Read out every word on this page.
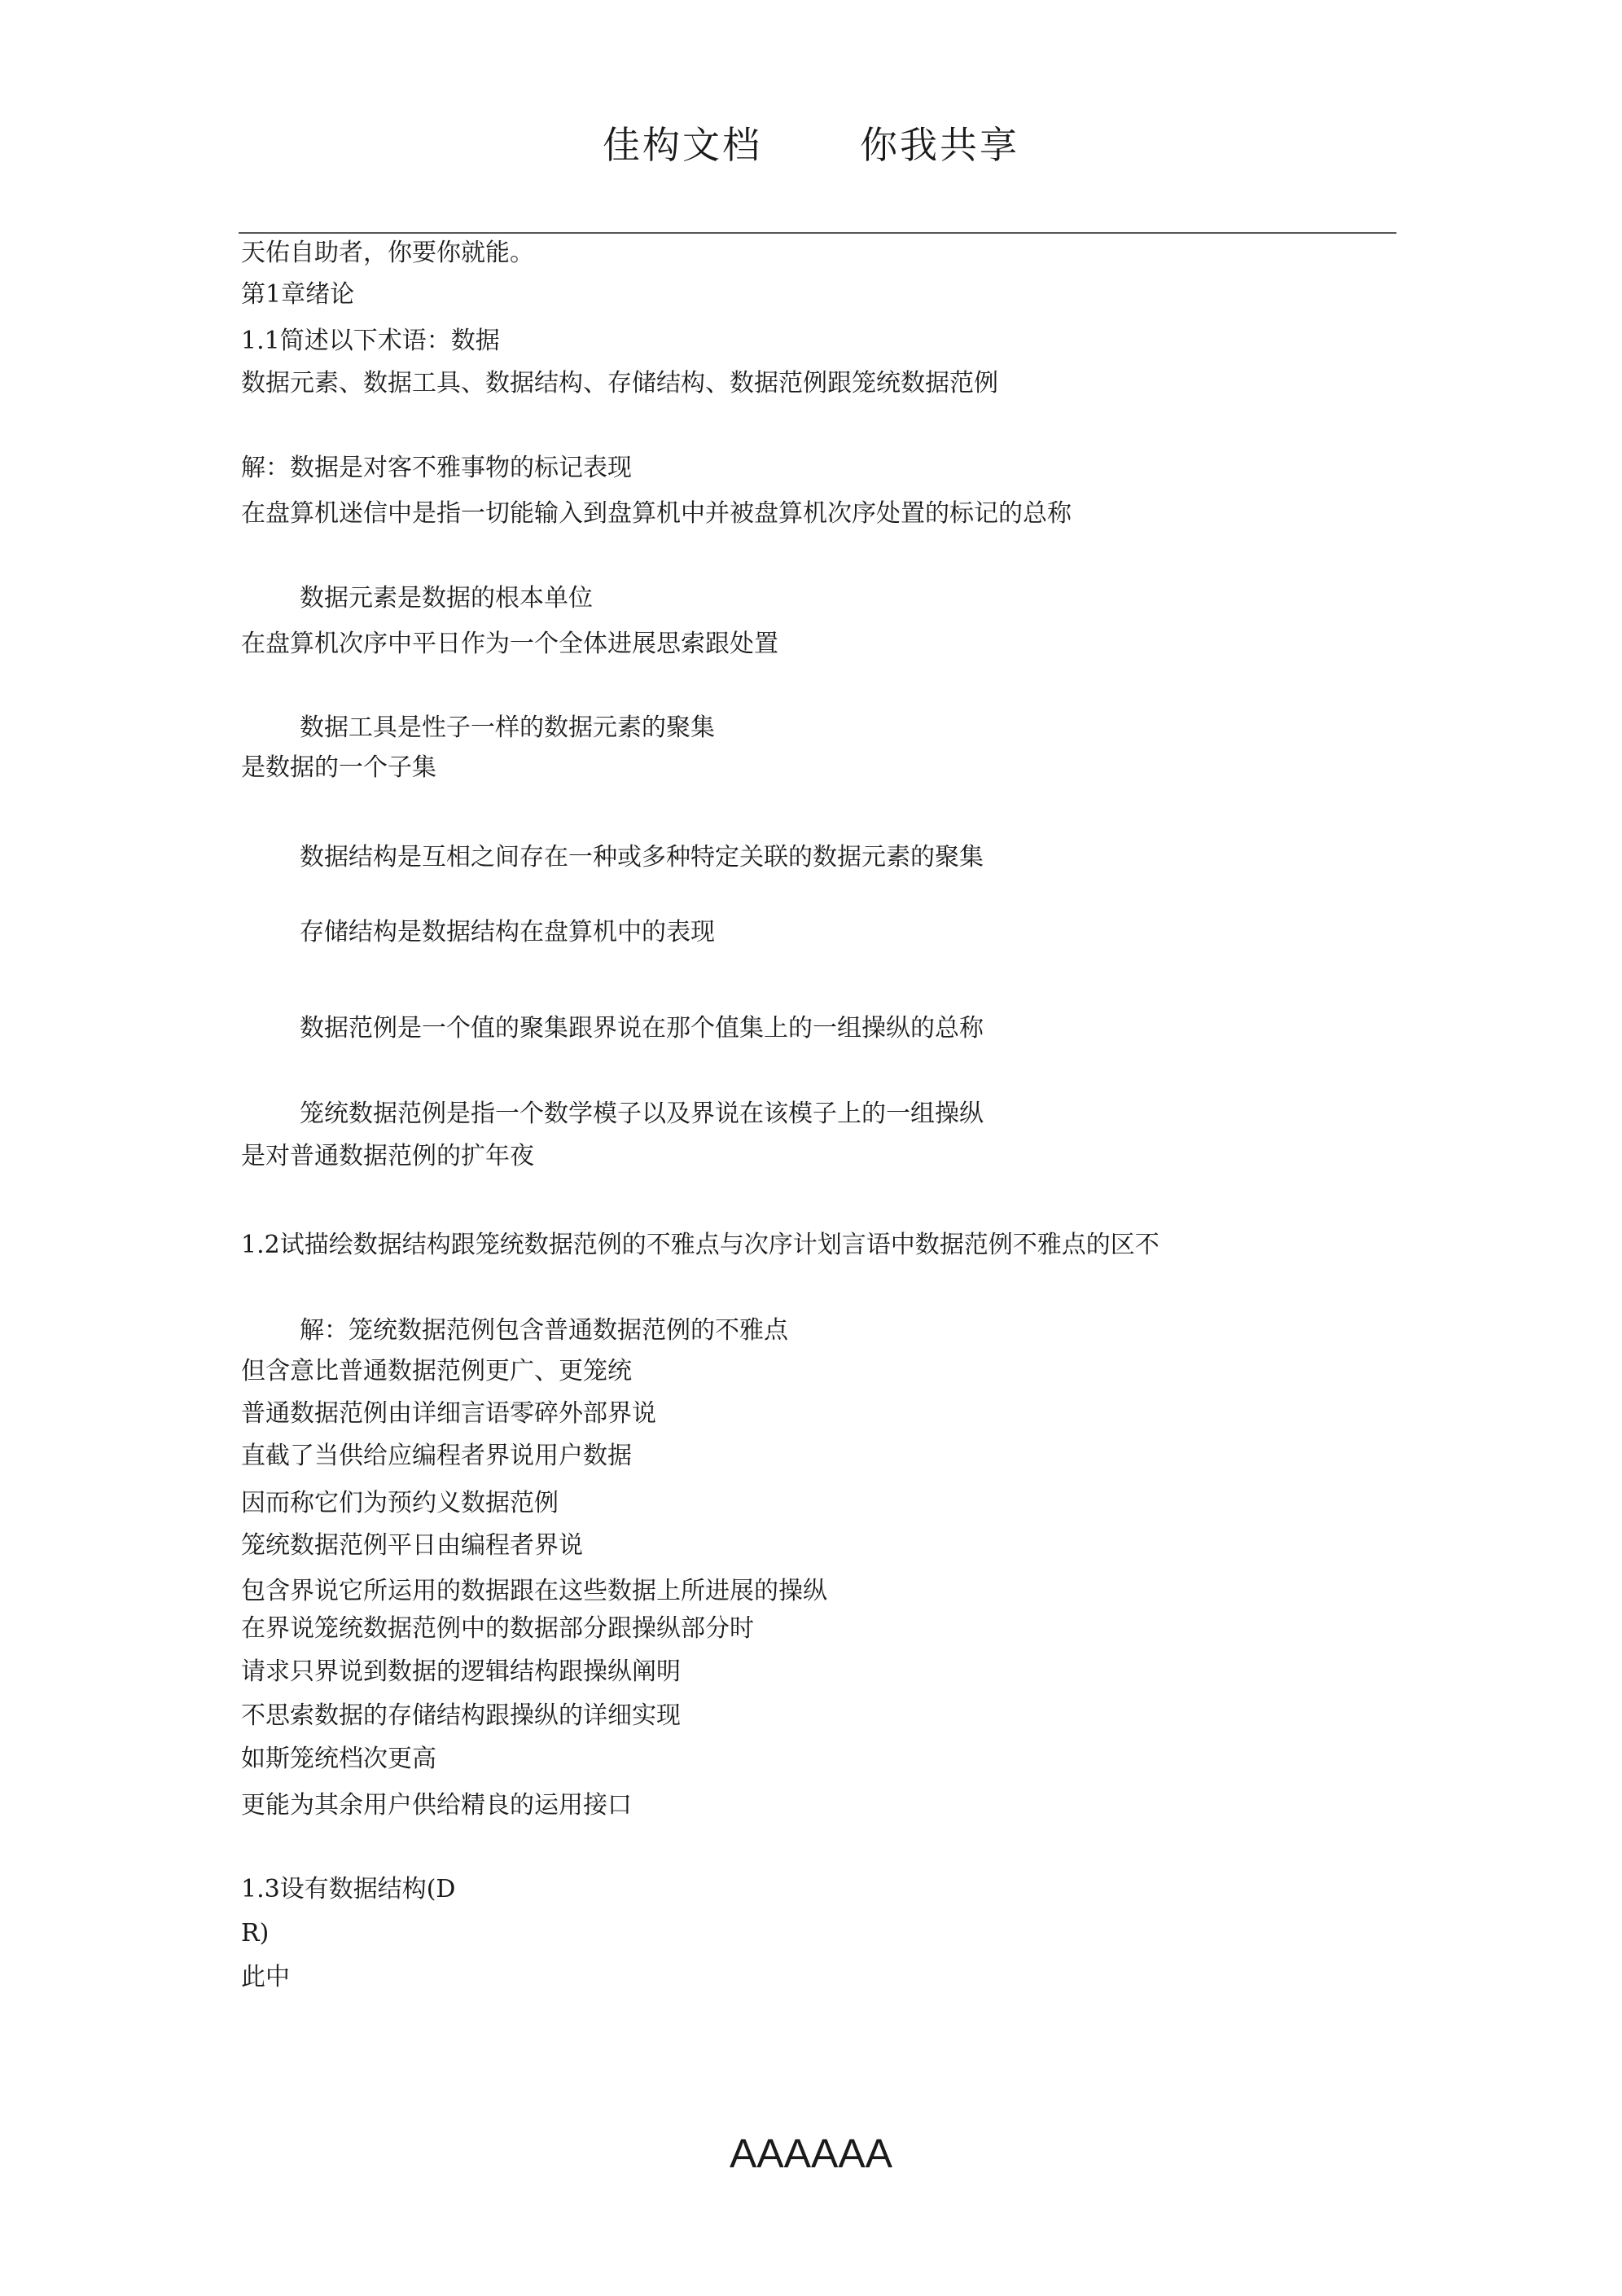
佳构文档	你我共享
天佑自助者，你要你就能。
第1章绪论
1.1简述以下术语：数据
数据元素、数据工具、数据结构、存储结构、数据范例跟笼统数据范例
解：数据是对客不雅事物的标记表现
在盘算机迷信中是指一切能输入到盘算机中并被盘算机次序处置的标记的总称
数据元素是数据的根本单位
在盘算机次序中平日作为一个全体进展思索跟处置
数据工具是性子一样的数据元素的聚集
是数据的一个子集
数据结构是互相之间存在一种或多种特定关联的数据元素的聚集
存储结构是数据结构在盘算机中的表现
数据范例是一个值的聚集跟界说在那个值集上的一组操纵的总称
笼统数据范例是指一个数学模子以及界说在该模子上的一组操纵
是对普通数据范例的扩年夜
1.2试描绘数据结构跟笼统数据范例的不雅点与次序计划言语中数据范例不雅点的区不
解：笼统数据范例包含普通数据范例的不雅点
但含意比普通数据范例更广、更笼统
普通数据范例由详细言语零碎外部界说
直截了当供给应编程者界说用户数据
因而称它们为预约义数据范例
笼统数据范例平日由编程者界说
包含界说它所运用的数据跟在这些数据上所进展的操纵
在界说笼统数据范例中的数据部分跟操纵部分时
请求只界说到数据的逻辑结构跟操纵阐明
不思索数据的存储结构跟操纵的详细实现
如斯笼统档次更高
更能为其余用户供给精良的运用接口
1.3设有数据结构(D
R)
此中
AAAAAA
